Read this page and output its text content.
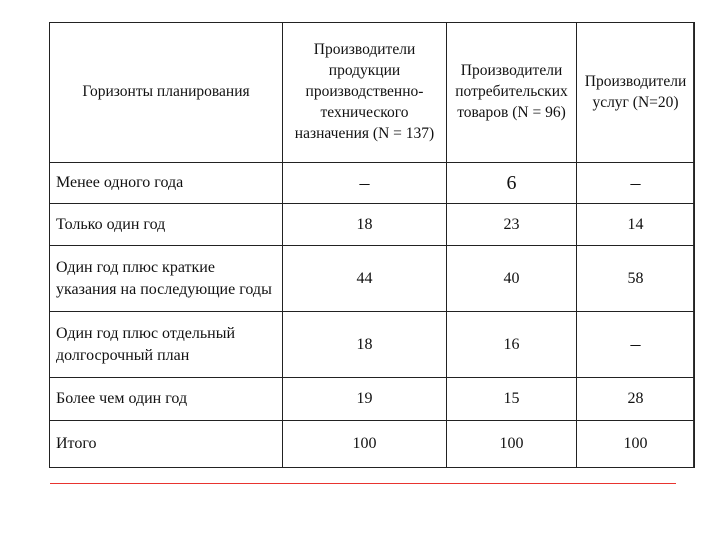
Горизонты планирования	Производители продукции производственно-технического назначения (N = 137)	Производители потребительских товаров (N = 96)	Производители услуг (N=20)
Менее одного года	–	6	–
Только один год	18	23	14
Один год плюс краткие указания на последующие годы	44	40	58
Один год плюс отдельный долгосрочный план	18	16	–
Более чем один год	19	15	28
Итого	100	100	100
